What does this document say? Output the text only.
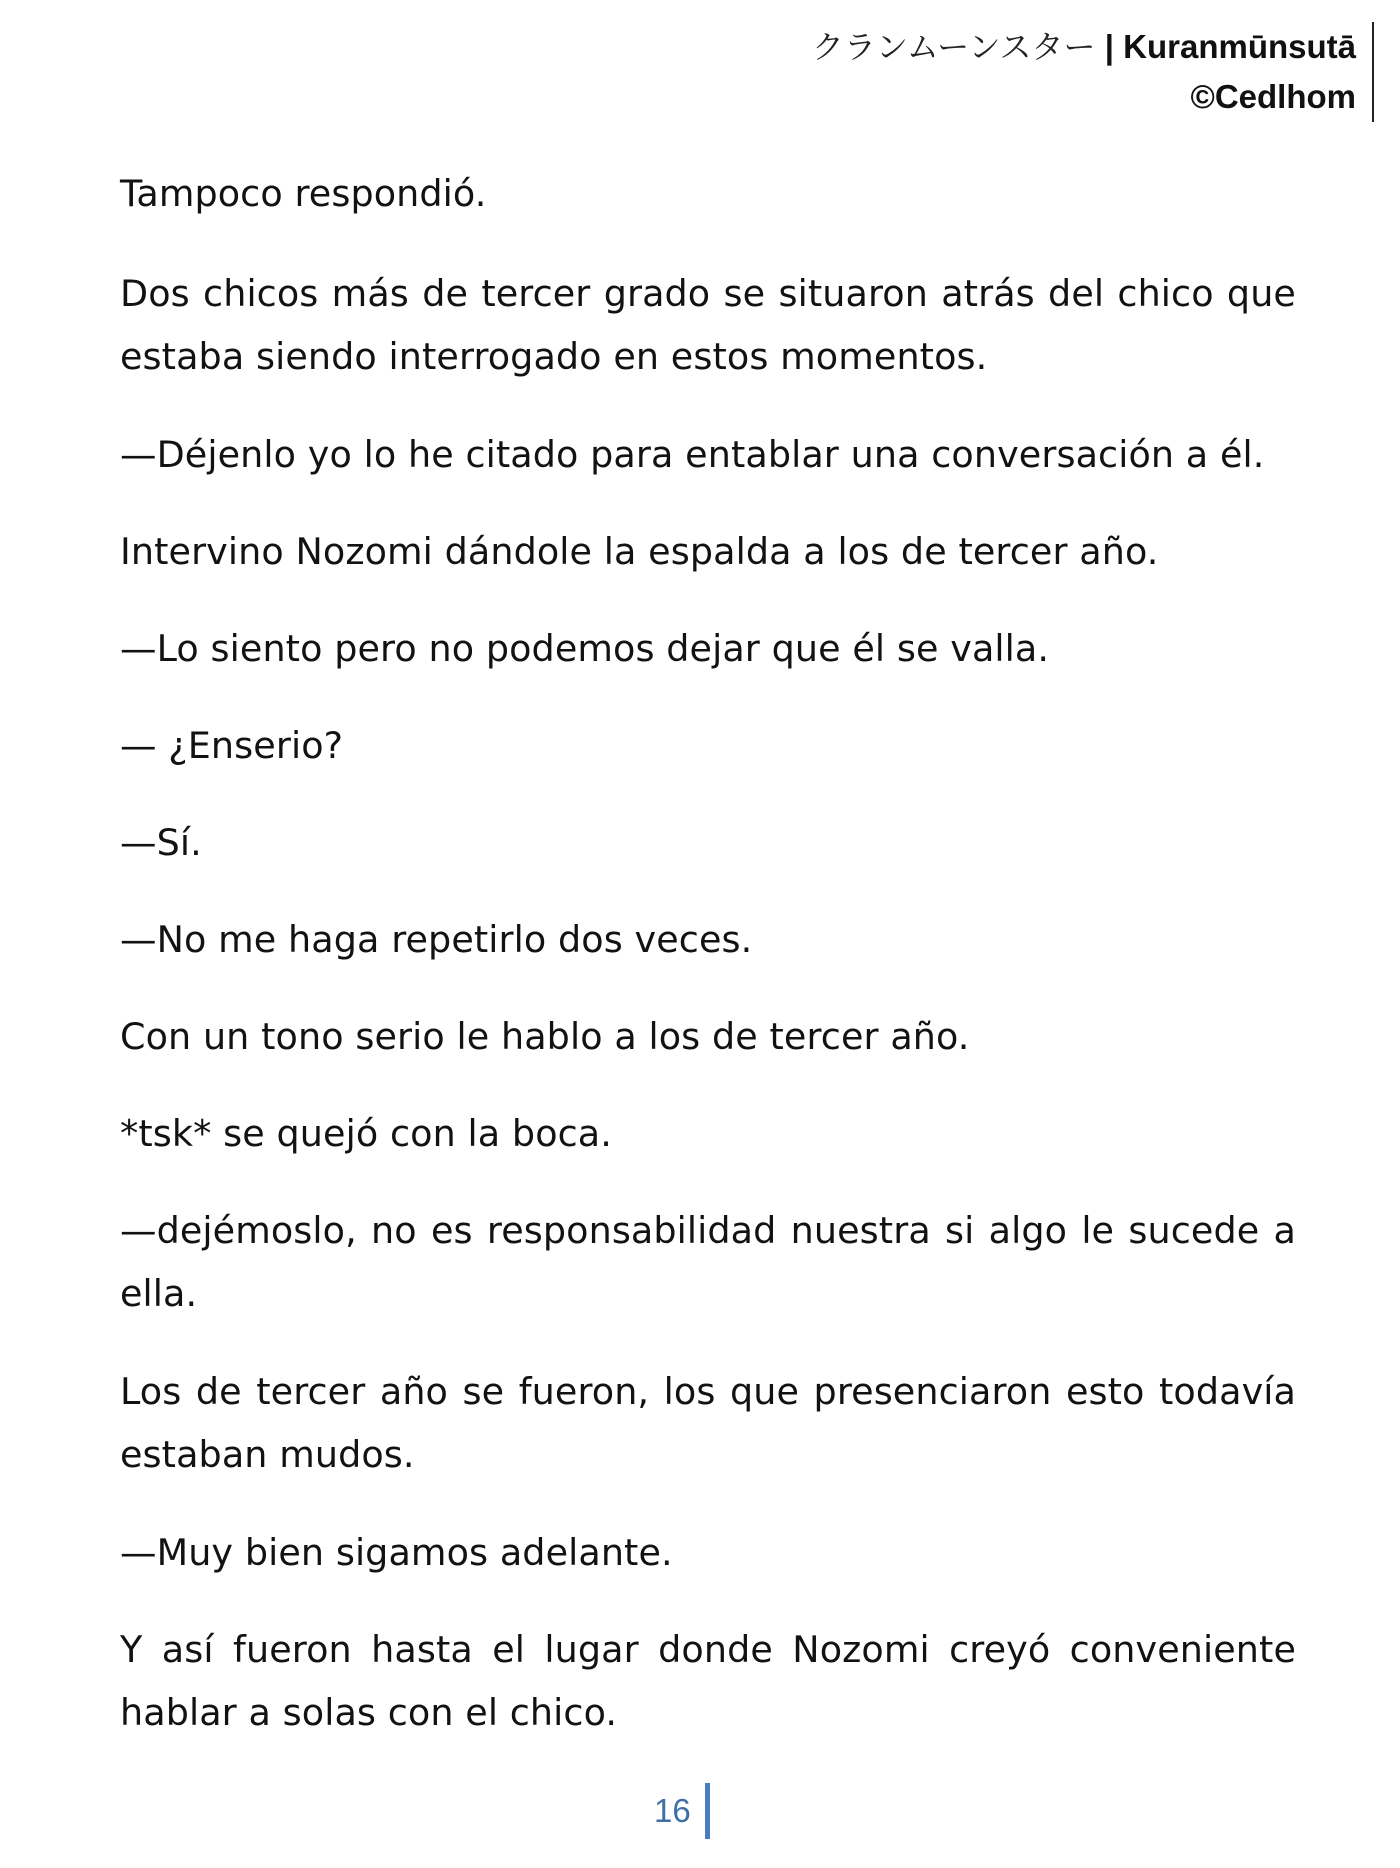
クランムーンスター | Kuranmūnsutā
©Cedlhom

Tampoco respondió.

Dos chicos más de tercer grado se situaron atrás del chico que estaba siendo interrogado en estos momentos.

—Déjenlo yo lo he citado para entablar una conversación a él.

Intervino Nozomi dándole la espalda a los de tercer año.

—Lo siento pero no podemos dejar que él se valla.

— ¿Enserio?

—Sí.

—No me haga repetirlo dos veces.

Con un tono serio le hablo a los de tercer año.

*tsk* se quejó con la boca.

—dejémoslo, no es responsabilidad nuestra si algo le sucede a ella.

Los de tercer año se fueron, los que presenciaron esto todavía estaban mudos.

—Muy bien sigamos adelante.

Y así fueron hasta el lugar donde Nozomi creyó conveniente hablar a solas con el chico.

16
